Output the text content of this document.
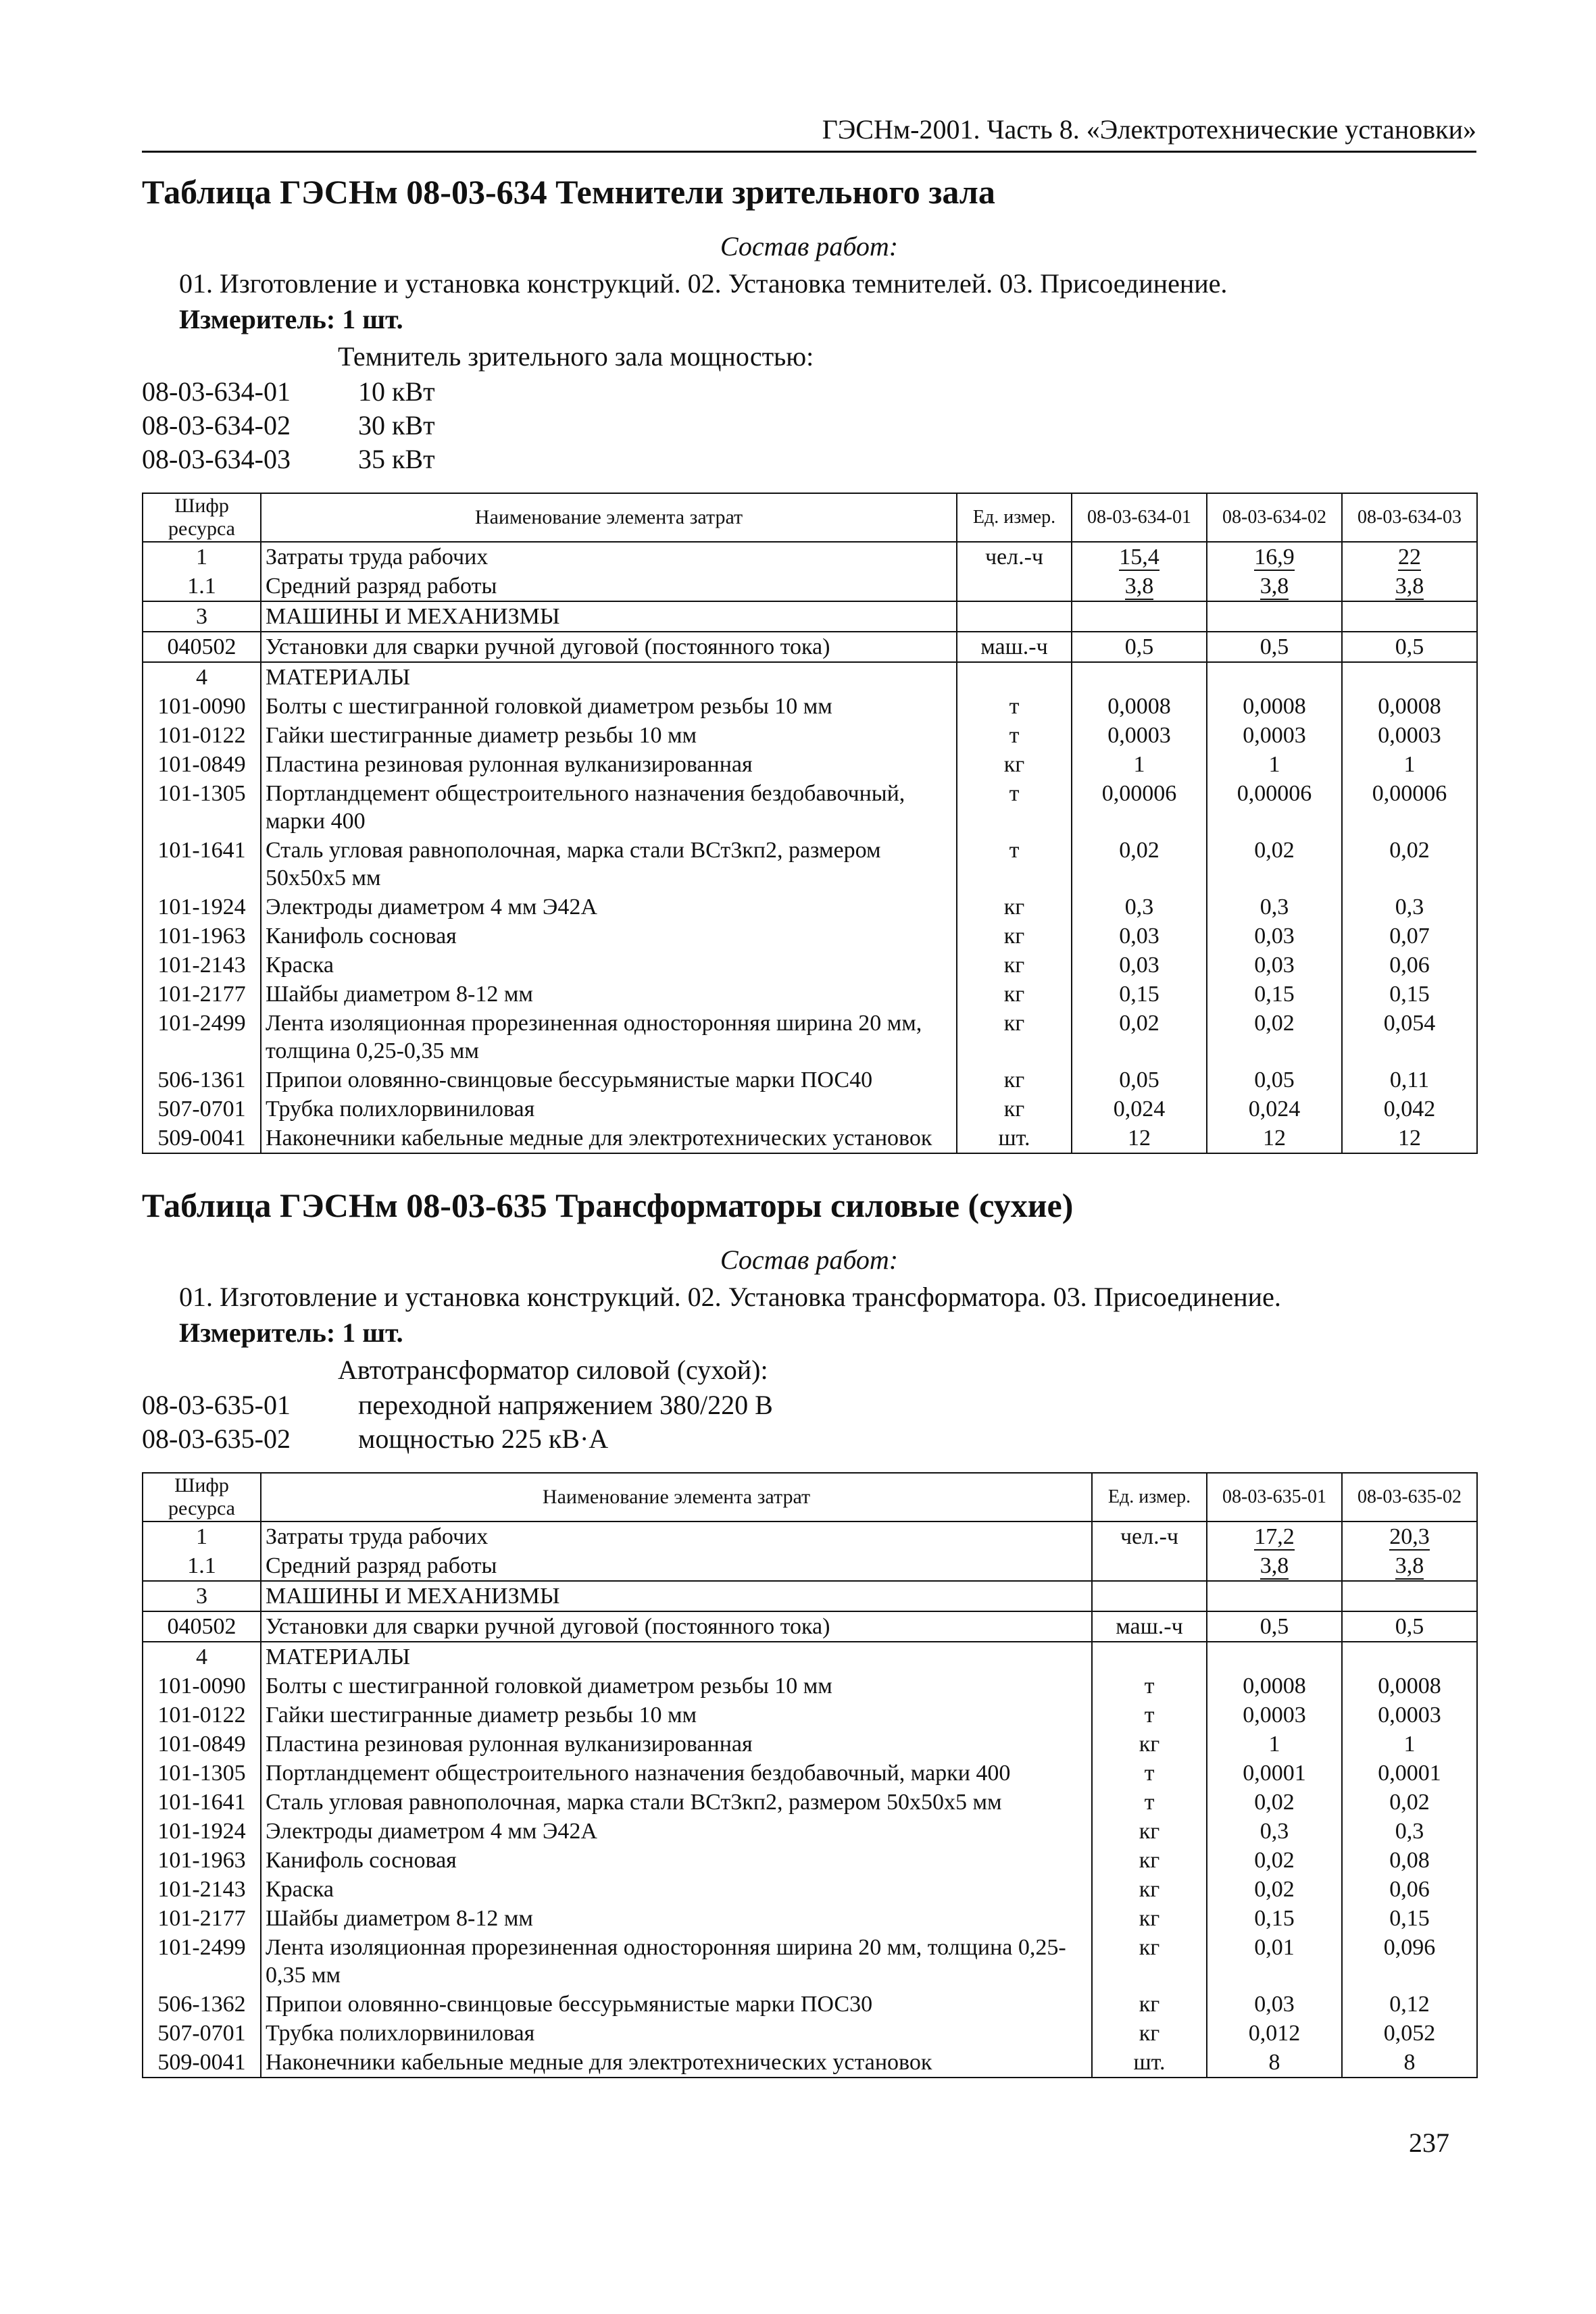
ГЭСНм-2001. Часть 8. «Электротехнические установки»
Таблица ГЭСНм 08-03-634 Темнители зрительного зала
Состав работ:
01. Изготовление и установка конструкций. 02. Установка темнителей. 03. Присоединение.
Измеритель: 1 шт.
Темнитель зрительного зала мощностью:
08-03-634-01	10 кВт
08-03-634-02	30 кВт
08-03-634-03	35 кВт
Шифр ресурса	Наименование элемента затрат	Ед. измер.	08-03-634-01	08-03-634-02	08-03-634-03
1	Затраты труда рабочих	чел.-ч	15,4	16,9	22
1.1	Средний разряд работы		3,8	3,8	3,8
3	МАШИНЫ И МЕХАНИЗМЫ				
040502	Установки для сварки ручной дуговой (постоянного тока)	маш.-ч	0,5	0,5	0,5
4	МАТЕРИАЛЫ				
101-0090	Болты с шестигранной головкой диаметром резьбы 10 мм	т	0,0008	0,0008	0,0008
101-0122	Гайки шестигранные диаметр резьбы 10 мм	т	0,0003	0,0003	0,0003
101-0849	Пластина резиновая рулонная вулканизированная	кг	1	1	1
101-1305	Портландцемент общестроительного назначения бездобавочный, марки 400	т	0,00006	0,00006	0,00006
101-1641	Сталь угловая равнополочная, марка стали ВСт3кп2, размером 50х50х5 мм	т	0,02	0,02	0,02
101-1924	Электроды диаметром 4 мм Э42А	кг	0,3	0,3	0,3
101-1963	Канифоль сосновая	кг	0,03	0,03	0,07
101-2143	Краска	кг	0,03	0,03	0,06
101-2177	Шайбы диаметром 8-12 мм	кг	0,15	0,15	0,15
101-2499	Лента изоляционная прорезиненная односторонняя ширина 20 мм, толщина 0,25-0,35 мм	кг	0,02	0,02	0,054
506-1361	Припои оловянно-свинцовые бессурьмянистые марки ПОС40	кг	0,05	0,05	0,11
507-0701	Трубка полихлорвиниловая	кг	0,024	0,024	0,042
509-0041	Наконечники кабельные медные для электротехнических установок	шт.	12	12	12
Таблица ГЭСНм 08-03-635 Трансформаторы силовые (сухие)
Состав работ:
01. Изготовление и установка конструкций. 02. Установка трансформатора. 03. Присоединение.
Измеритель: 1 шт.
Автотрансформатор силовой (сухой):
08-03-635-01	переходной напряжением 380/220 В
08-03-635-02	мощностью 225 кВ·А
Шифр ресурса	Наименование элемента затрат	Ед. измер.	08-03-635-01	08-03-635-02
1	Затраты труда рабочих	чел.-ч	17,2	20,3
1.1	Средний разряд работы		3,8	3,8
3	МАШИНЫ И МЕХАНИЗМЫ			
040502	Установки для сварки ручной дуговой (постоянного тока)	маш.-ч	0,5	0,5
4	МАТЕРИАЛЫ			
101-0090	Болты с шестигранной головкой диаметром резьбы 10 мм	т	0,0008	0,0008
101-0122	Гайки шестигранные диаметр резьбы 10 мм	т	0,0003	0,0003
101-0849	Пластина резиновая рулонная вулканизированная	кг	1	1
101-1305	Портландцемент общестроительного назначения бездобавочный, марки 400	т	0,0001	0,0001
101-1641	Сталь угловая равнополочная, марка стали ВСт3кп2, размером 50х50х5 мм	т	0,02	0,02
101-1924	Электроды диаметром 4 мм Э42А	кг	0,3	0,3
101-1963	Канифоль сосновая	кг	0,02	0,08
101-2143	Краска	кг	0,02	0,06
101-2177	Шайбы диаметром 8-12 мм	кг	0,15	0,15
101-2499	Лента изоляционная прорезиненная односторонняя ширина 20 мм, толщина 0,25-0,35 мм	кг	0,01	0,096
506-1362	Припои оловянно-свинцовые бессурьмянистые марки ПОС30	кг	0,03	0,12
507-0701	Трубка полихлорвиниловая	кг	0,012	0,052
509-0041	Наконечники кабельные медные для электротехнических установок	шт.	8	8
237
